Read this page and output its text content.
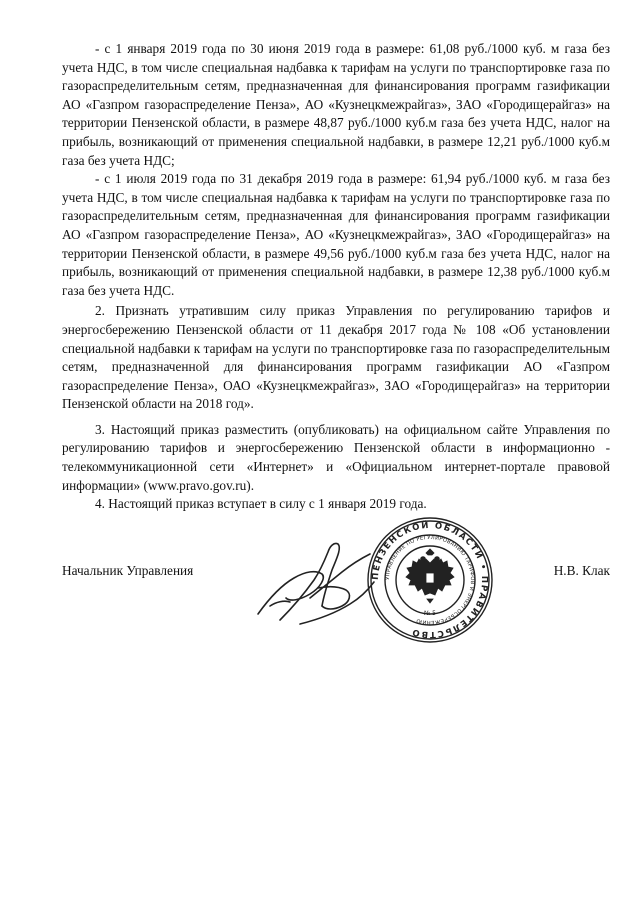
- с 1 января 2019 года по 30 июня 2019 года в размере: 61,08 руб./1000 куб. м газа без учета НДС, в том числе специальная надбавка к тарифам на услуги по транспортировке газа по газораспределительным сетям, предназначенная для финансирования программ газификации АО «Газпром газораспределение Пенза», АО «Кузнецкмежрайгаз», ЗАО «Городищерайгаз» на территории Пензенской области, в размере 48,87 руб./1000 куб.м газа без учета НДС, налог на прибыль, возникающий от применения специальной надбавки, в размере 12,21 руб./1000 куб.м газа без учета НДС;

- с 1 июля 2019 года по 31 декабря 2019 года в размере: 61,94 руб./1000 куб. м газа без учета НДС, в том числе специальная надбавка к тарифам на услуги по транспортировке газа по газораспределительным сетям, предназначенная для финансирования программ газификации АО «Газпром газораспределение Пенза», АО «Кузнецкмежрайгаз», ЗАО «Городищерайгаз» на территории Пензенской области, в размере 49,56 руб./1000 куб.м газа без учета НДС, налог на прибыль, возникающий от применения специальной надбавки, в размере 12,38 руб./1000 куб.м газа без учета НДС.

2. Признать утратившим силу приказ Управления по регулированию тарифов и энергосбережению Пензенской области от 11 декабря 2017 года № 108 «Об установлении специальной надбавки к тарифам на услуги по транспортировке газа по газораспределительным сетям, предназначенной для финансирования программ газификации АО «Газпром газораспределение Пенза», ОАО «Кузнецкмежрайгаз», ЗАО «Городищерайгаз» на территории Пензенской области на 2018 год».

3. Настоящий приказ разместить (опубликовать) на официальном сайте Управления по регулированию тарифов и энергосбережению Пензенской области в информационно - телекоммуникационной сети «Интернет» и «Официальном интернет-портале правовой информации» (www.pravo.gov.ru).

4. Настоящий приказ вступает в силу с 1 января 2019 года.

Начальник Управления	Н.В. Клак
ПЕНЗЕНСКОЙ ОБЛАСТИ • ПРАВИТЕЛЬСТВО
УПРАВЛЕНИЕ ПО РЕГУЛИРОВАНИЮ ТАРИФОВ И ЭНЕРГОСБЕРЕЖЕНИЮ
№ 5
